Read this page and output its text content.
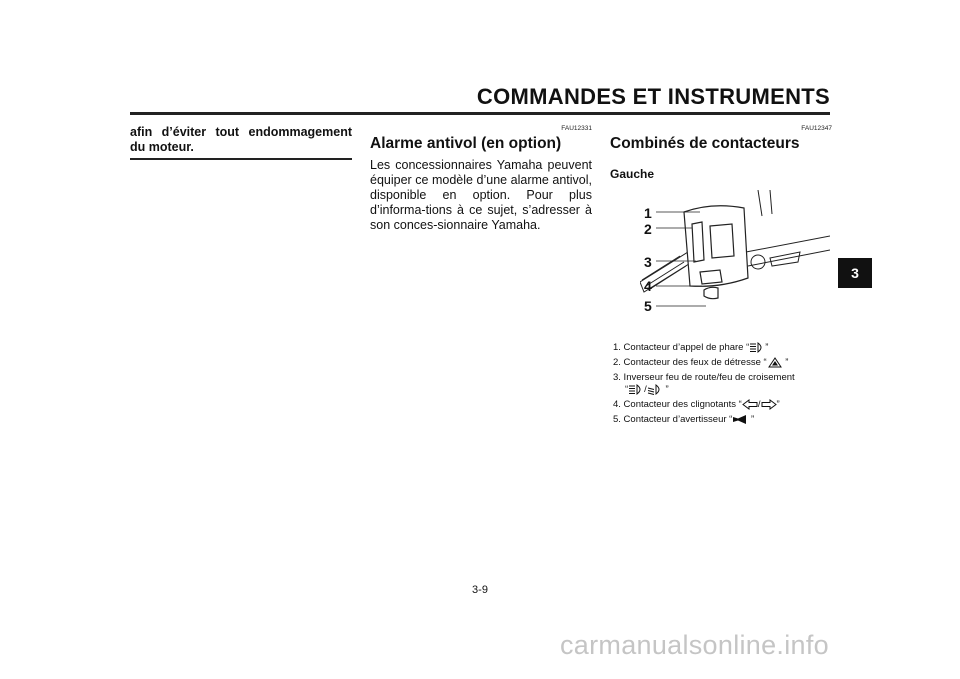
COMMANDES ET INSTRUMENTS
3
afin d’éviter tout endommagement du moteur.
FAU12331
Alarme antivol (en option)

Les concessionnaires Yamaha peuvent équiper ce modèle d’une alarme antivol, disponible en option. Pour plus d’informa-tions à ce sujet, s’adresser à son conces-sionnaire Yamaha.

FAU12347
Combinés de contacteurs
Gauche
1
2
3
4
5
1. Contacteur d’appel de phare “ ”
2. Contacteur des feux de détresse “ ”
3. Inverseur feu de route/feu de croisement
“ / ”
4. Contacteur des clignotants “ / ”
5. Contacteur d’avertisseur “ ”
3-9
carmanualsonline.info
